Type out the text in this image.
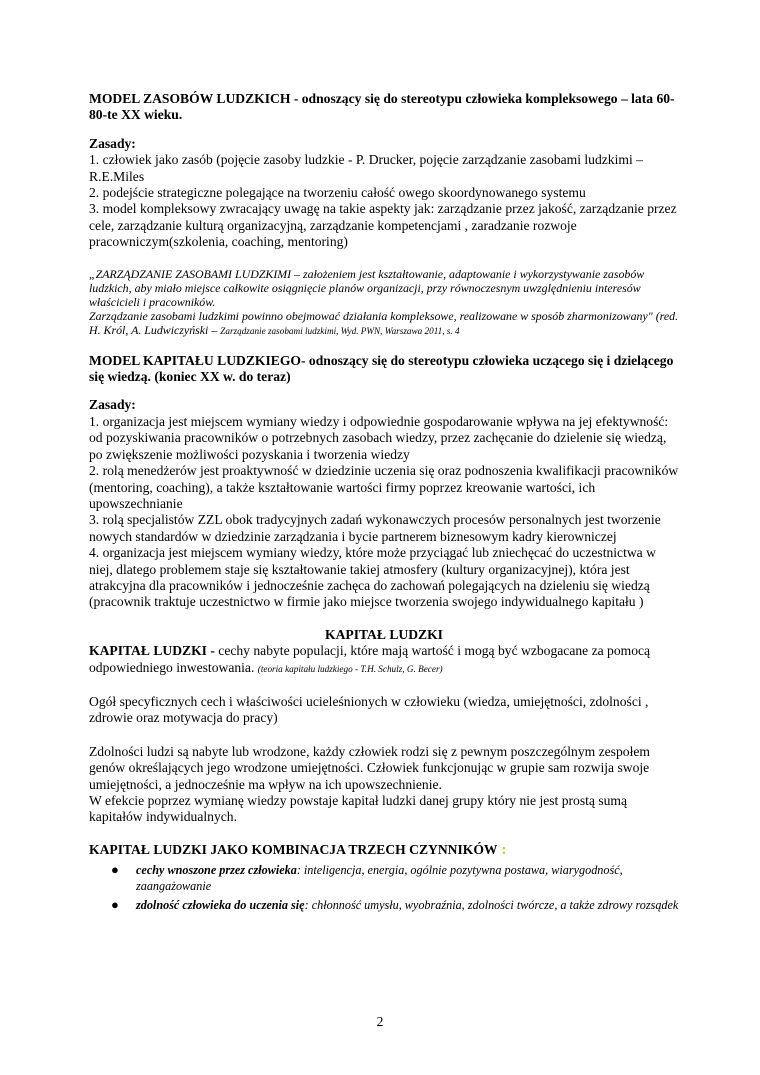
MODEL ZASOBÓW LUDZKICH - odnoszący się do stereotypu człowieka kompleksowego – lata 60-80-te XX wieku.

Zasady:

1. człowiek jako zasób (pojęcie zasoby ludzkie - P. Drucker, pojęcie zarządzanie zasobami ludzkimi – R.E.Miles
2. podejście strategiczne polegające na tworzeniu całość owego skoordynowanego systemu
3. model kompleksowy zwracający uwagę na takie aspekty jak: zarządzanie przez jakość, zarządzanie przez cele, zarządzanie kulturą organizacyjną, zarządzanie kompetencjami , zaradzanie rozwoje pracowniczym(szkolenia, coaching, mentoring)

„ZARZĄDZANIE ZASOBAMI LUDZKIMI – założeniem jest kształtowanie, adaptowanie i wykorzystywanie zasobów ludzkich, aby miało miejsce całkowite osiągnięcie planów organizacji, przy równoczesnym uwzględnieniu interesów właścicieli i pracowników.
Zarządzanie zasobami ludzkimi powinno obejmować działania kompleksowe, realizowane w sposób zharmonizowany" (red. H. Król, A. Ludwiczyński – Zarządzanie zasobami ludzkimi, Wyd. PWN, Warszawa 2011, s. 4

MODEL KAPITAŁU LUDZKIEGO- odnoszący się do stereotypu człowieka uczącego się i dzielącego się wiedzą. (koniec XX w. do teraz)

Zasady:

1. organizacja jest miejscem wymiany wiedzy i odpowiednie gospodarowanie wpływa na jej efektywność: od pozyskiwania pracowników o potrzebnych zasobach wiedzy, przez zachęcanie do dzielenie się wiedzą, po zwiększenie możliwości pozyskania i tworzenia wiedzy
2. rolą menedżerów jest proaktywność w dziedzinie uczenia się oraz podnoszenia kwalifikacji pracowników (mentoring, coaching), a także kształtowanie wartości firmy poprzez kreowanie wartości, ich upowszechnianie
3. rolą specjalistów ZZL obok tradycyjnych zadań wykonawczych procesów personalnych jest tworzenie nowych standardów w dziedzinie zarządzania i bycie partnerem biznesowym kadry kierowniczej
4. organizacja jest miejscem wymiany wiedzy, które może przyciągać lub zniechęcać do uczestnictwa w niej, dlatego problemem staje się kształtowanie takiej atmosfery (kultury organizacyjnej), która jest atrakcyjna dla pracowników i jednocześnie zachęca do zachowań polegających na dzieleniu się wiedzą (pracownik traktuje uczestnictwo w firmie jako miejsce tworzenia swojego indywidualnego kapitału )

KAPITAŁ LUDZKI
KAPITAŁ LUDZKI - cechy nabyte populacji, które mają wartość i mogą być wzbogacane za pomocą odpowiedniego inwestowania. (teoria kapitału ludzkiego - T.H. Schulz, G. Becer)

Ogół specyficznych cech i właściwości ucieleśnionych w człowieku (wiedza, umiejętności, zdolności , zdrowie oraz motywacja do pracy)

Zdolności ludzi są nabyte lub wrodzone, każdy człowiek rodzi się z pewnym poszczególnym zespołem genów określających jego wrodzone umiejętności. Człowiek funkcjonując w grupie sam rozwija swoje umiejętności, a jednocześnie ma wpływ na ich upowszechnienie.
W efekcie poprzez wymianę wiedzy powstaje kapitał ludzki danej grupy który nie jest prostą sumą kapitałów indywidualnych.

KAPITAŁ LUDZKI JAKO KOMBINACJA TRZECH CZYNNIKÓW :
● cechy wnoszone przez człowieka: inteligencja, energia, ogólnie pozytywna postawa, wiarygodność, zaangażowanie
● zdolność człowieka do uczenia się: chłonność umysłu, wyobraźnia, zdolności twórcze, a także zdrowy rozsądek
2
